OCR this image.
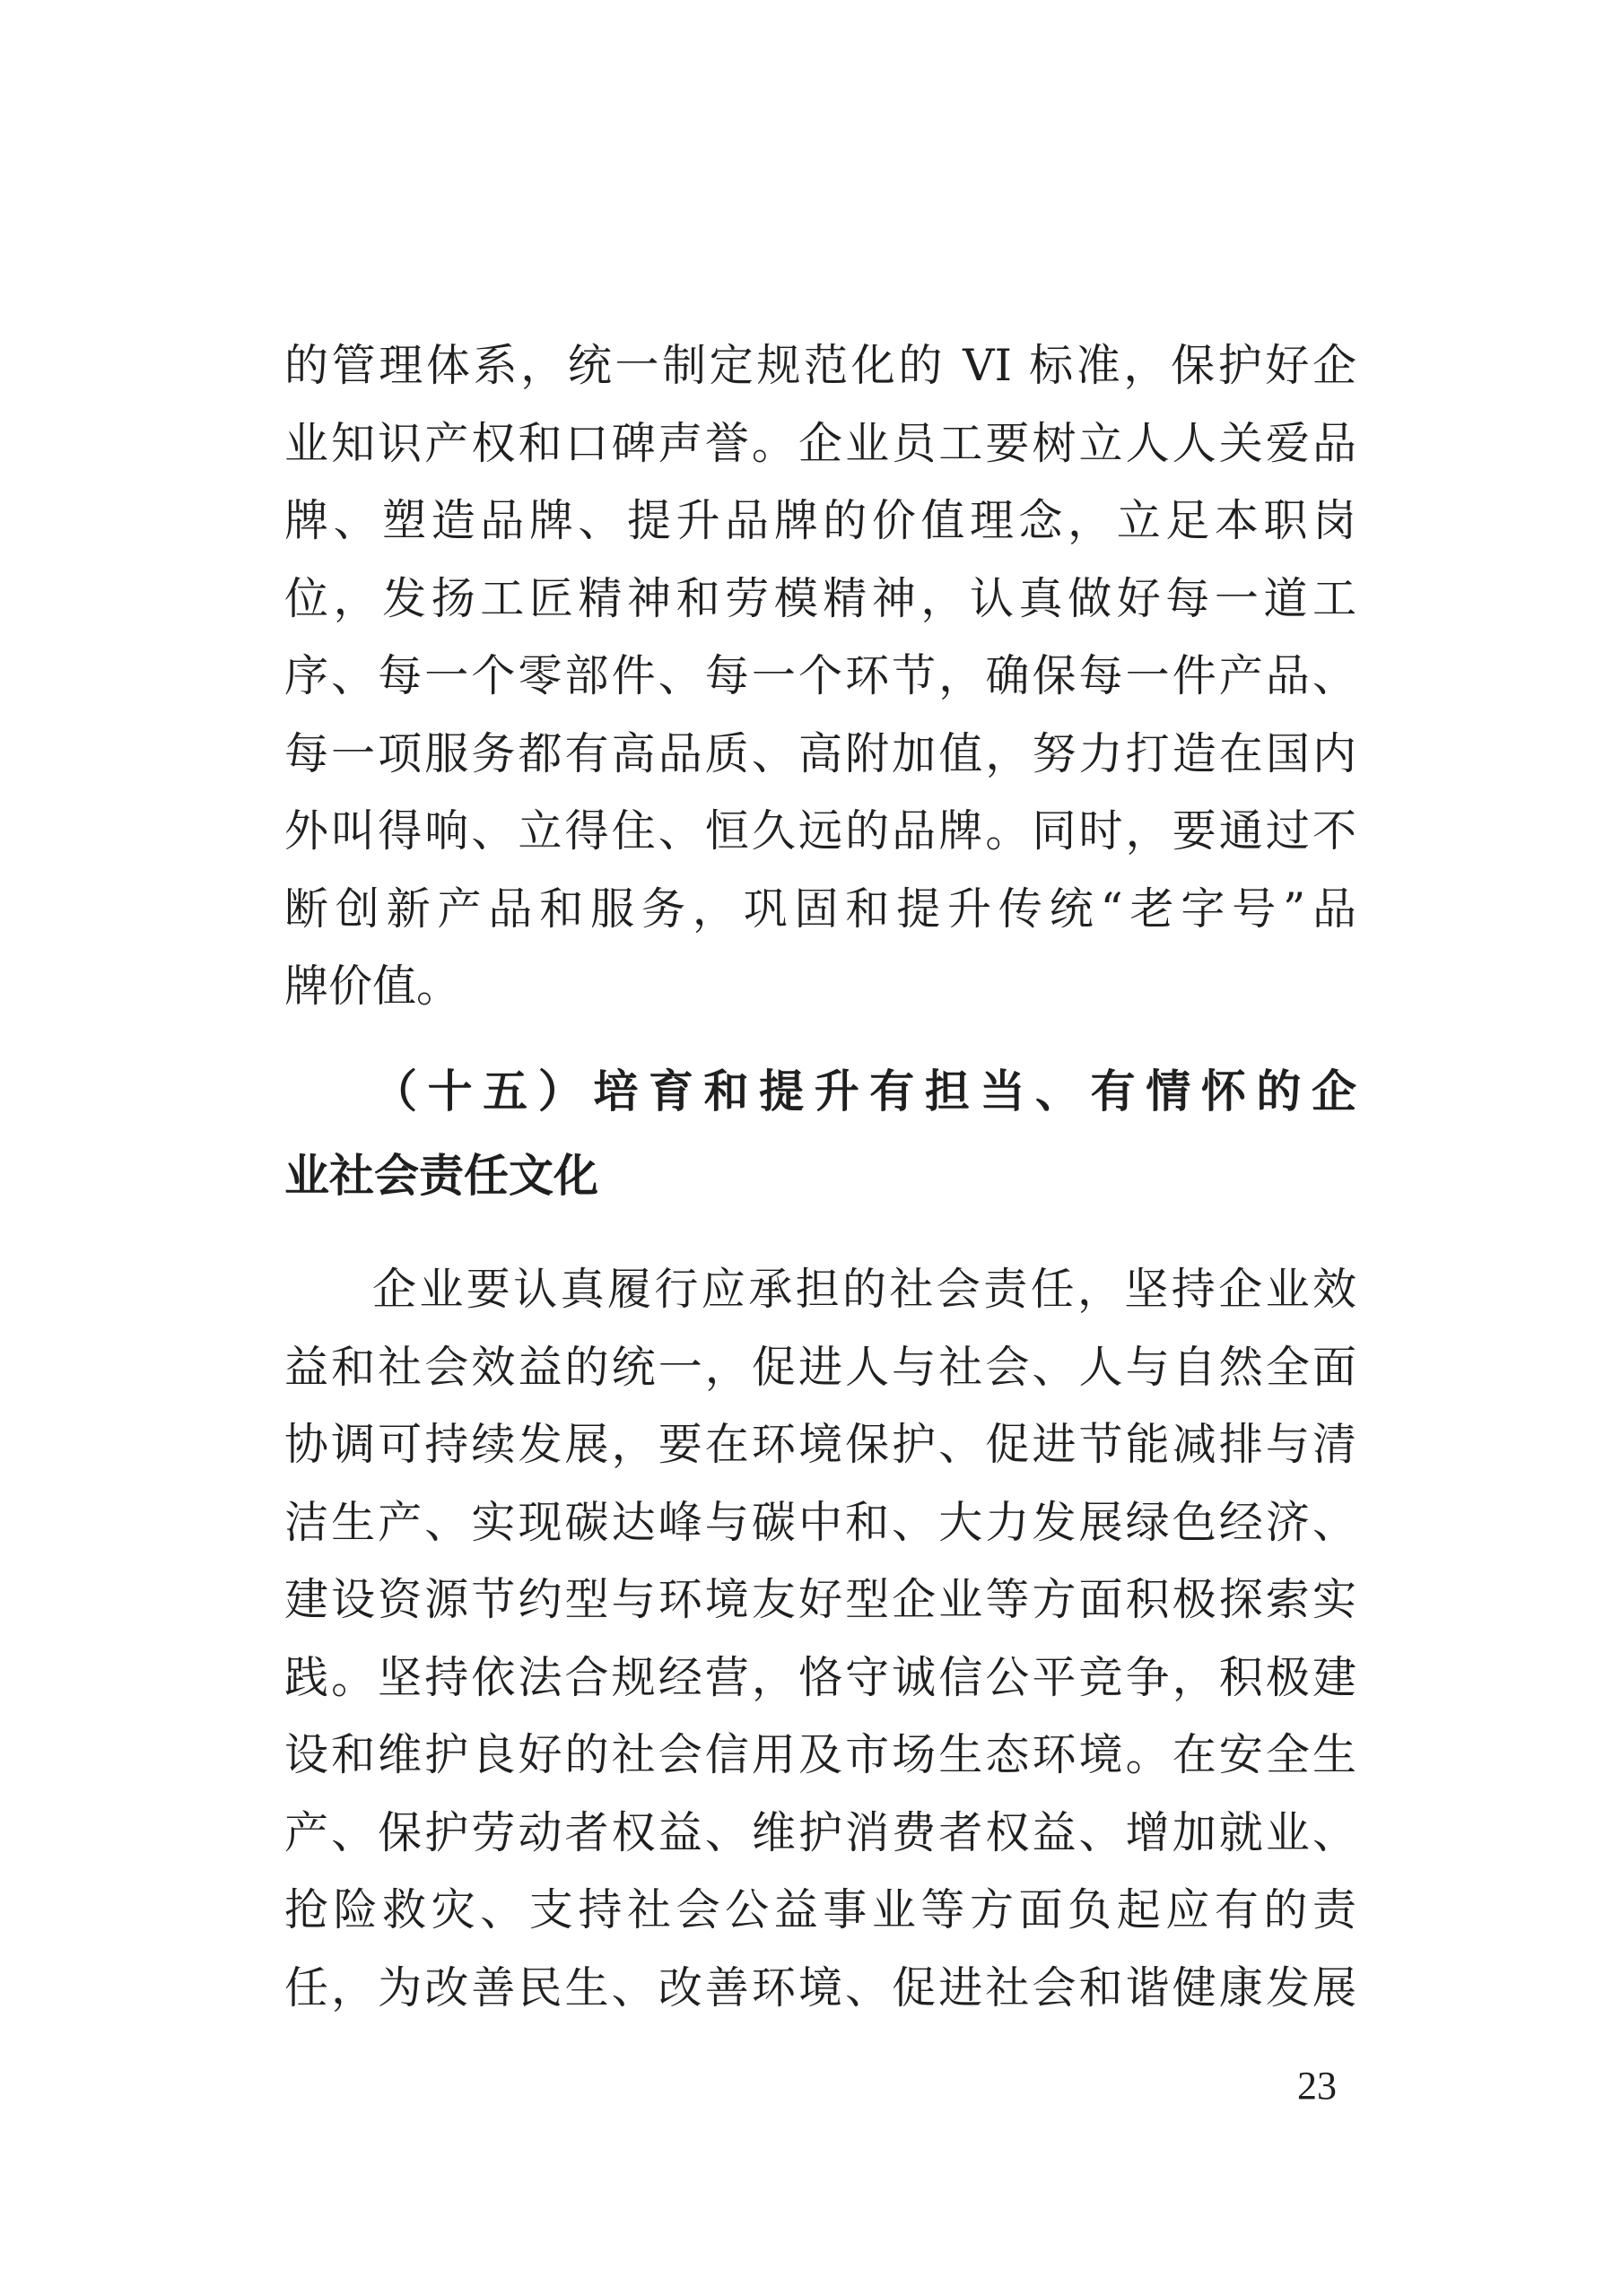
的管理体系，统一制定规范化的 VI 标准，保护好企
业知识产权和口碑声誉。企业员工要树立人人关爱品
牌、塑造品牌、提升品牌的价值理念，立足本职岗
位，发扬工匠精神和劳模精神，认真做好每一道工
序、每一个零部件、每一个环节，确保每一件产品、
每一项服务都有高品质、高附加值，努力打造在国内
外叫得响、立得住、恒久远的品牌。同时，要通过不
断创新产品和服务，巩固和提升传统“老字号”品
牌价值。
（十五）培育和提升有担当、有情怀的企
业社会责任文化
企业要认真履行应承担的社会责任，坚持企业效
益和社会效益的统一，促进人与社会、人与自然全面
协调可持续发展，要在环境保护、促进节能减排与清
洁生产、实现碳达峰与碳中和、大力发展绿色经济、
建设资源节约型与环境友好型企业等方面积极探索实
践。坚持依法合规经营，恪守诚信公平竞争，积极建
设和维护良好的社会信用及市场生态环境。在安全生
产、保护劳动者权益、维护消费者权益、增加就业、
抢险救灾、支持社会公益事业等方面负起应有的责
任，为改善民生、改善环境、促进社会和谐健康发展
23
